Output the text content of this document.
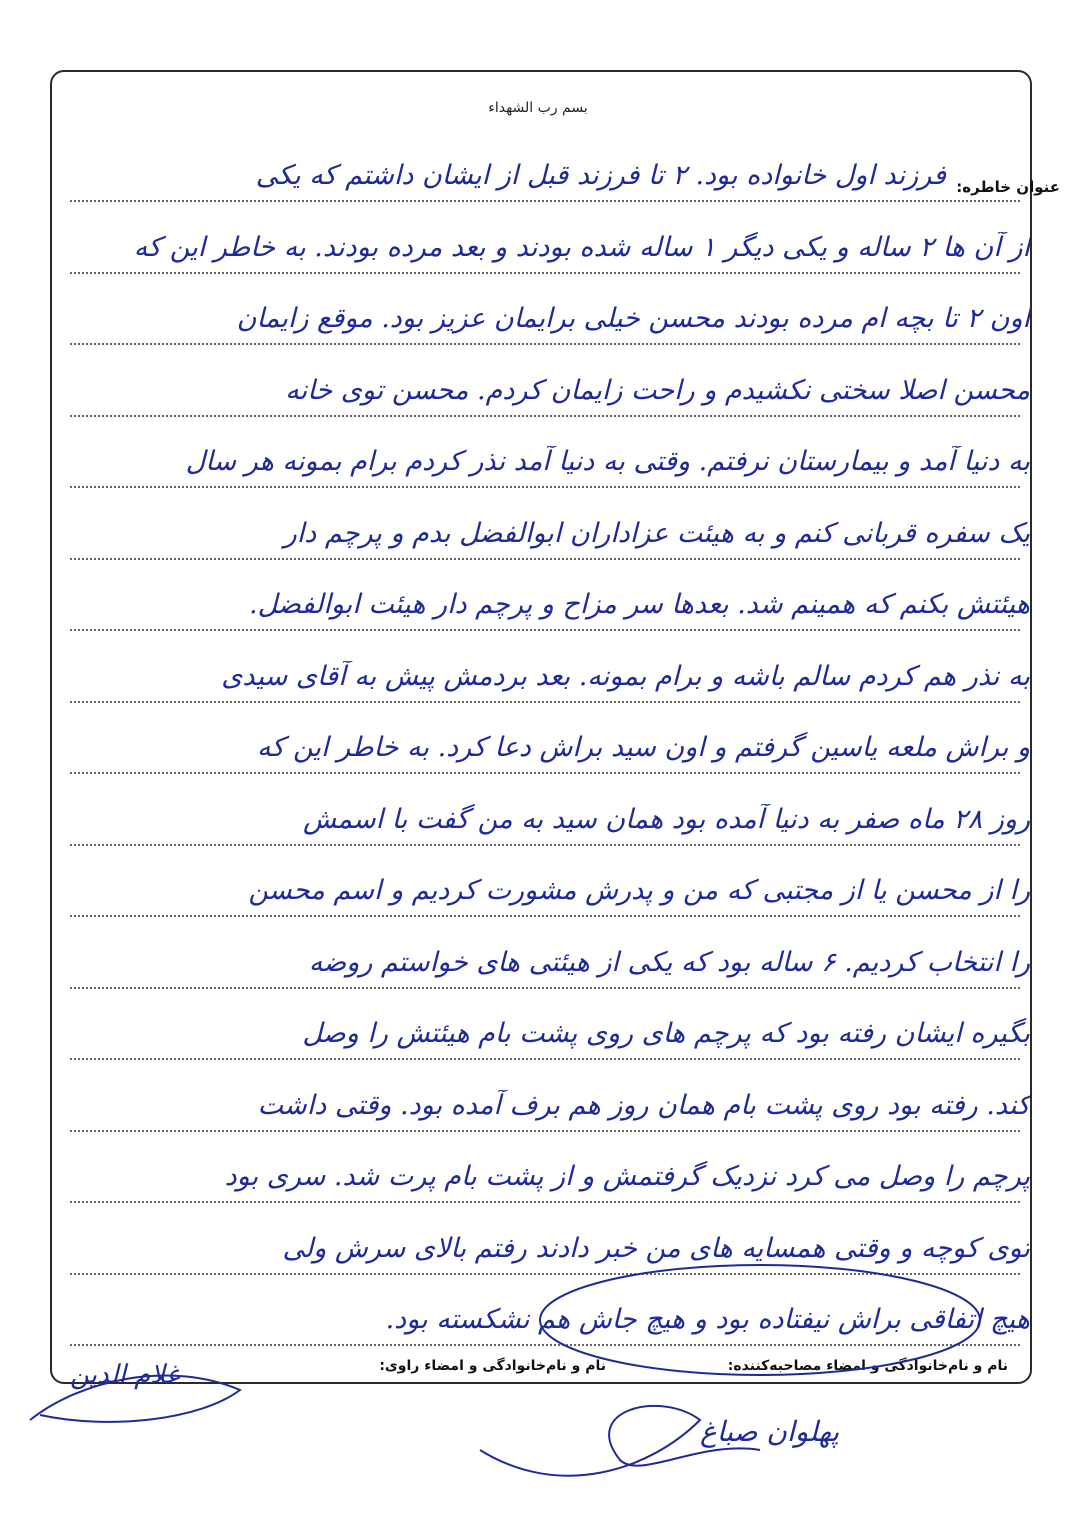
بسم رب الشهداء
عنوان خاطره:
فرزند اول خانواده بود. ۲ تا فرزند قبل از ایشان داشتم که یکی
از آن ها ۲ ساله و یکی دیگر ۱ ساله شده بودند و بعد مرده بودند. به خاطر این که
اون ۲ تا بچه ام مرده بودند محسن خیلی برایمان عزیز بود. موقع زایمان
محسن اصلا سختی نکشیدم و راحت زایمان کردم. محسن توی خانه
به دنیا آمد و بیمارستان نرفتم. وقتی به دنیا آمد نذر کردم برام بمونه هر سال
یک سفره قربانی کنم و به هیئت عزاداران ابوالفضل بدم و پرچم دار
هیئتش بکنم که همینم شد. بعدها سر مزاح و پرچم دار هیئت ابوالفضل.
به نذر هم کردم سالم باشه و برام بمونه. بعد بردمش پیش به آقای سیدی
و براش ملعه یاسین گرفتم و اون سید براش دعا کرد. به خاطر این که
روز ۲۸ ماه صفر به دنیا آمده بود همان سید به من گفت با اسمش
را از محسن یا از مجتبی که من و پدرش مشورت کردیم و اسم محسن
را انتخاب کردیم. ۶ ساله بود که یکی از هیئتی های خواستم روضه
بگیره ایشان رفته بود که پرچم های روی پشت بام هیئتش را وصل
کند. رفته بود روی پشت بام همان روز هم برف آمده بود. وقتی داشت
پرچم را وصل می کرد نزدیک گرفتمش و از پشت بام پرت شد. سری بود
توی کوچه و وقتی همسایه های من خبر دادند رفتم بالای سرش ولی
هیچ اتفاقی براش نیفتاده بود و هیچ جاش هم نشکسته بود.
نام و نام‌خانوادگی و امضاء مصاحبه‌کننده:
نام و نام‌خانوادگی و امضاء راوی:
غلام الدین
پهلوان صباغ
